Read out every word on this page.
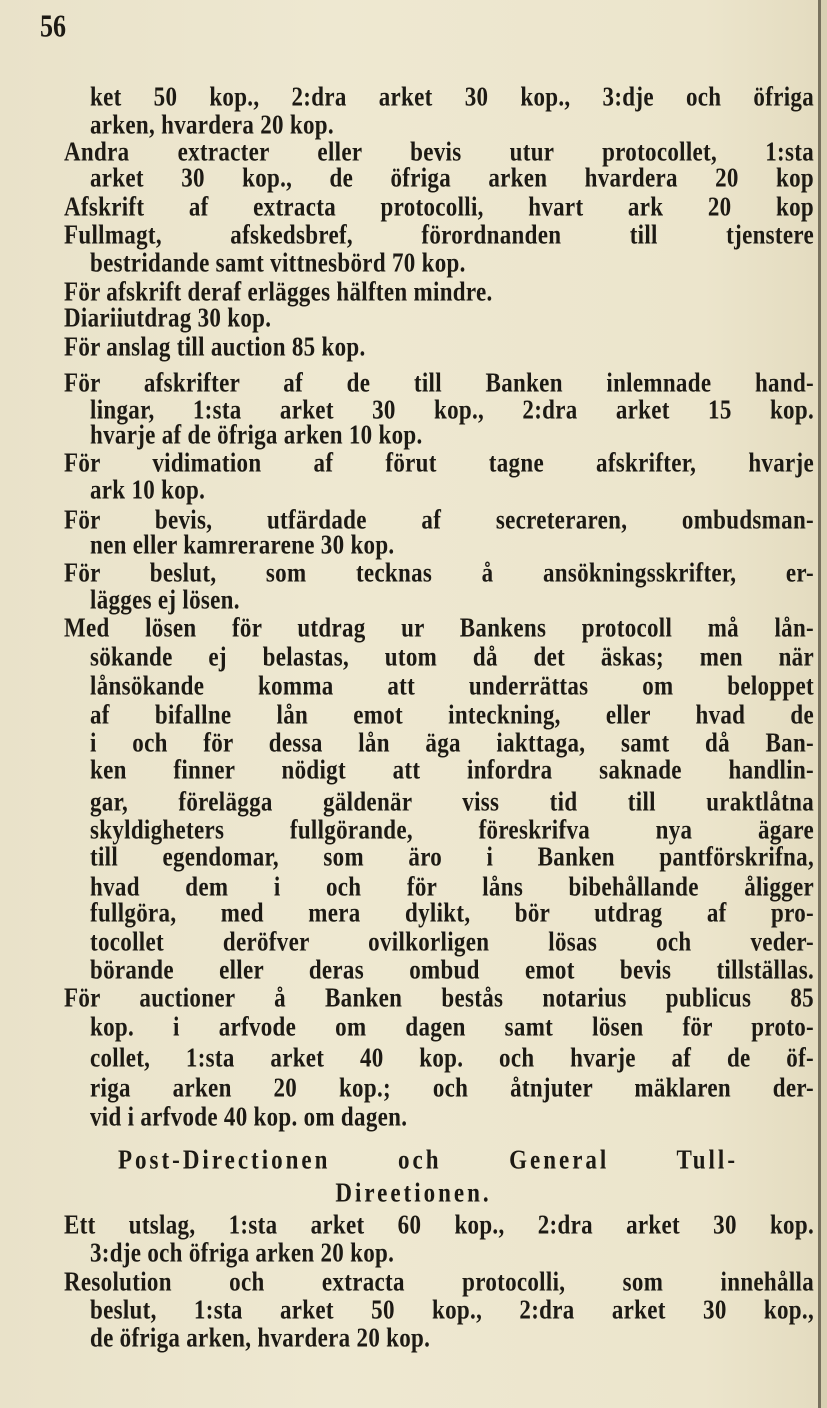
56
ket 50 kop., 2:dra arket 30 kop., 3:dje och öfriga
arken, hvardera 20 kop.
Andra extracter eller bevis utur protocollet, 1:sta
arket 30 kop., de öfriga arken hvardera 20 kop
Afskrift af extracta protocolli, hvart ark 20 kop
Fullmagt, afskedsbref, förordnanden till tjenstere
bestridande samt vittnesbörd 70 kop.
För afskrift deraf erlägges hälften mindre.
Diariiutdrag 30 kop.
För anslag till auction 85 kop.
För afskrifter af de till Banken inlemnade hand-
lingar, 1:sta arket 30 kop., 2:dra arket 15 kop.
hvarje af de öfriga arken 10 kop.
För vidimation af förut tagne afskrifter, hvarje
ark 10 kop.
För bevis, utfärdade af secreteraren, ombudsman-
nen eller kamrerarene 30 kop.
För beslut, som tecknas å ansökningsskrifter, er-
lägges ej lösen.
Med lösen för utdrag ur Bankens protocoll må lån-
sökande ej belastas, utom då det äskas; men när
lånsökande komma att underrättas om beloppet
af bifallne lån emot inteckning, eller hvad de
i och för dessa lån äga iakttaga, samt då Ban-
ken finner nödigt att infordra saknade handlin-
gar, förelägga gäldenär viss tid till uraktlåtna
skyldigheters fullgörande, föreskrifva nya ägare
till egendomar, som äro i Banken pantförskrifna,
hvad dem i och för låns bibehållande åligger
fullgöra, med mera dylikt, bör utdrag af pro-
tocollet deröfver ovilkorligen lösas och veder-
börande eller deras ombud emot bevis tillställas.
För auctioner å Banken bestås notarius publicus 85
kop. i arfvode om dagen samt lösen för proto-
collet, 1:sta arket 40 kop. och hvarje af de öf-
riga arken 20 kop.; och åtnjuter mäklaren der-
vid i arfvode 40 kop. om dagen.
Post-Directionen och General Tull-
Direetionen.
Ett utslag, 1:sta arket 60 kop., 2:dra arket 30 kop.
3:dje och öfriga arken 20 kop.
Resolution och extracta protocolli, som innehålla
beslut, 1:sta arket 50 kop., 2:dra arket 30 kop.,
de öfriga arken, hvardera 20 kop.
